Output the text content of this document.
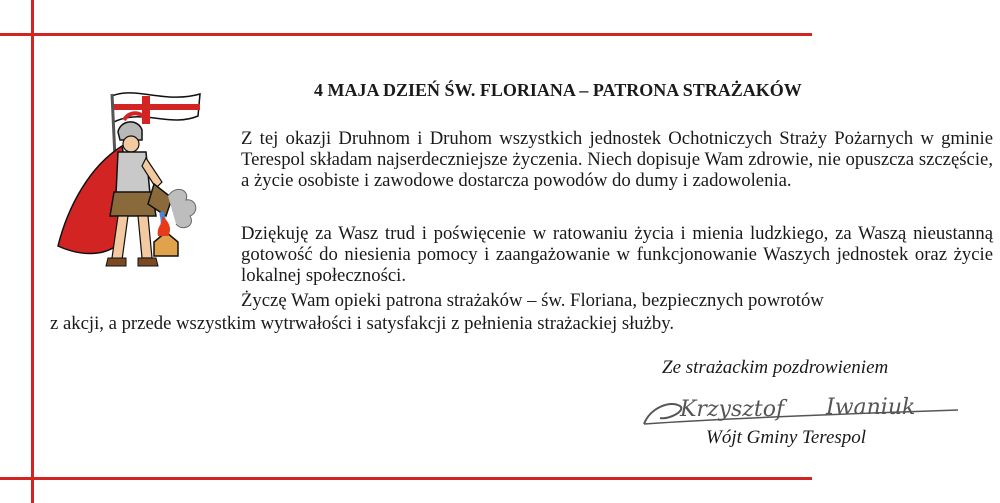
4 MAJA DZIEŃ ŚW. FLORIANA – PATRONA STRAŻAKÓW

Z tej okazji Druhnom i Druhom wszystkich jednostek Ochotniczych Straży Pożarnych w gminie Terespol składam najserdeczniejsze życzenia. Niech dopisuje Wam zdrowie, nie opuszcza szczęście, a życie osobiste i zawodowe dostarcza powodów do dumy i zadowolenia.

Dziękuję za Wasz trud i poświęcenie w ratowaniu życia i mienia ludzkiego, za Waszą nieustanną gotowość do niesienia pomocy i zaangażowanie w funkcjonowanie Waszych jednostek oraz życie lokalnej społeczności.

Życzę Wam opieki patrona strażaków – św. Floriana, bezpiecznych powrotów

z akcji, a przede wszystkim wytrwałości i satysfakcji z pełnienia strażackiej służby.

Ze strażackim pozdrowieniem
Krzysztof Iwaniuk
Wójt Gminy Terespol
